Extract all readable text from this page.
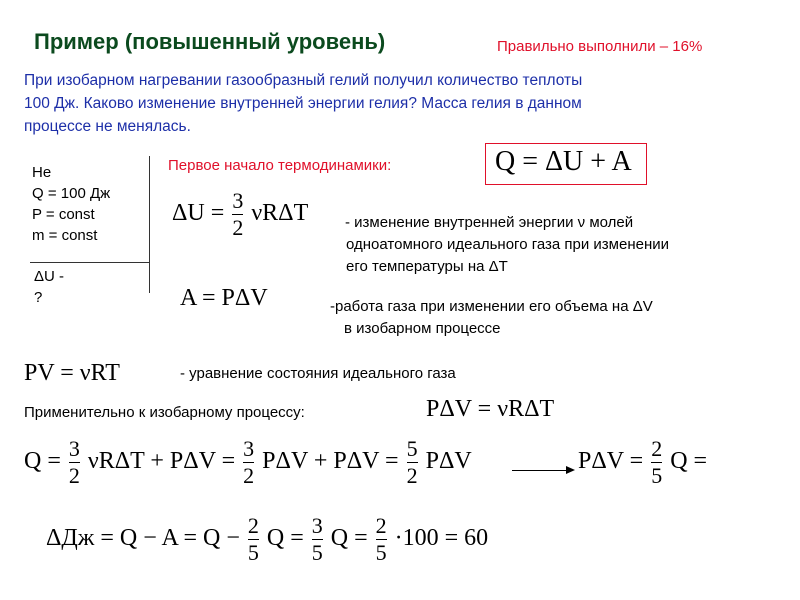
Пример (повышенный уровень)	Правильно выполнили – 16%
При изобарном нагревании газообразный гелий получил количество теплоты
100 Дж. Каково изменение внутренней энергии гелия? Масса гелия в данном
процессе не менялась.
He
Q = 100 Дж
P = const
m = const
ΔU -
?
Первое начало термодинамики:	Q = ΔU + A
$\Delta U = \frac{3}{2}$ νRΔT - изменение внутренней энергии ν молей
одноатомного идеального газа при изменении
его температуры на ΔT
A = PΔV	-работа газа при изменении его объема на ΔV
в изобарном процессе
PV = νRT	- уравнение состояния идеального газа
Применительно к изобарному процессу:	PΔV = νRΔT
$Q = \frac{3}{2}$ $\nu R\Delta T + P\Delta V = \frac{3}{2}$ $P\Delta V + P\Delta V = \frac{5}{2}$ PΔV	$P\Delta V = \frac{2}{5}$ Q =
$\Delta Дж = Q - A = Q - \frac{2}{5}$ $Q = \frac{3}{5}$ $Q = \frac{2}{5} \cdot 100 = 60$
